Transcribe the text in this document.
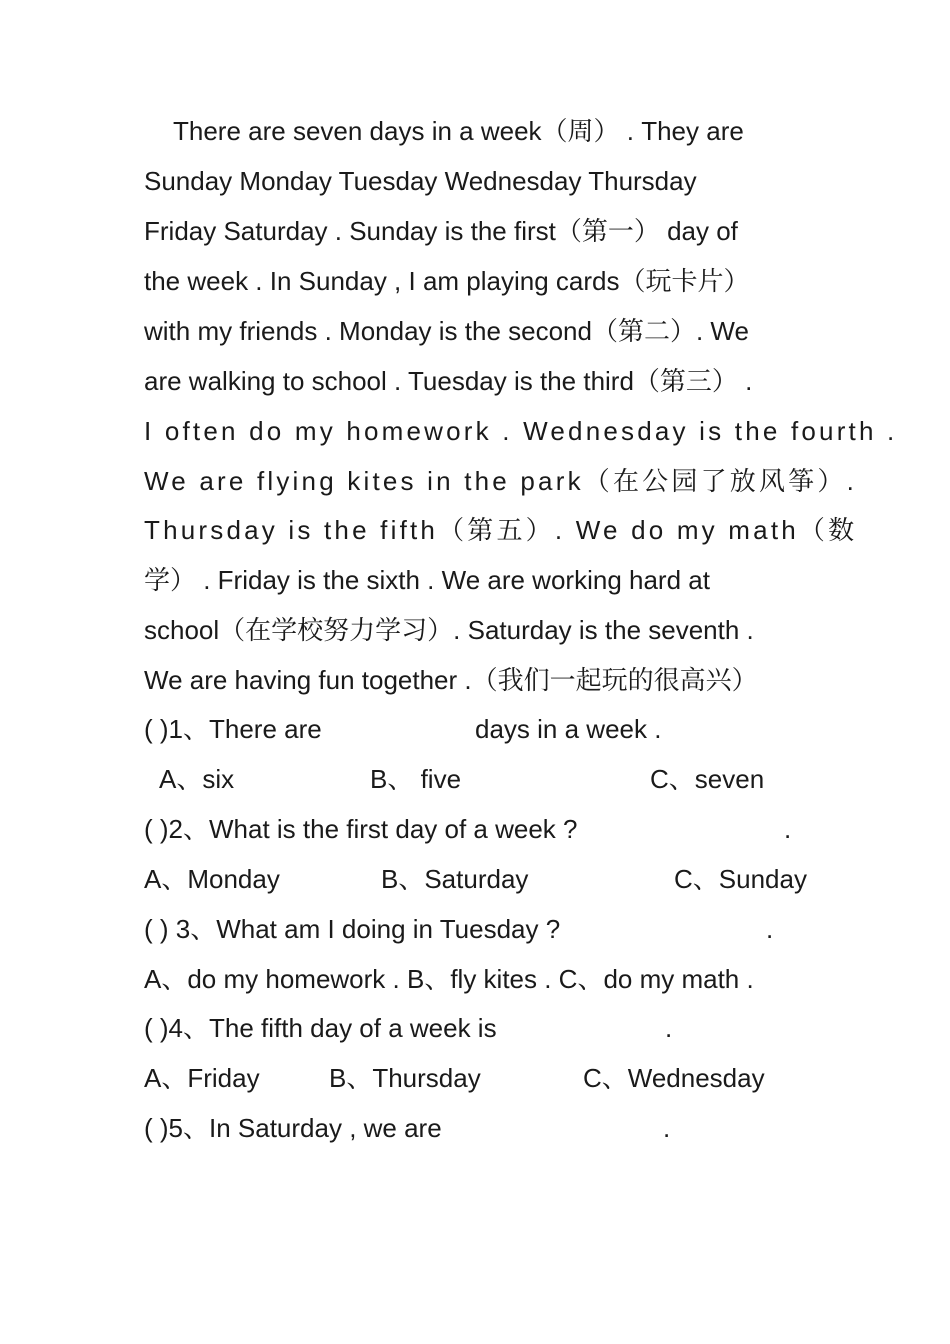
There are seven days in a week（周） . They are
Sunday Monday Tuesday Wednesday Thursday
Friday Saturday . Sunday is the first（第一） day of
the week . In Sunday , I am playing cards（玩卡片）
with my friends . Monday is the second（第二）. We
are walking to school . Tuesday is the third（第三） .
I often do my homework . Wednesday is the fourth .
We are flying kites in the park（在公园了放风筝）.
Thursday is the fifth（第五）. We do my math（数
学） . Friday is the sixth . We are working hard at
school（在学校努力学习）. Saturday is the seventh .
We are having fun together .（我们一起玩的很高兴）
( )1、There are	days in a week .
A、six	B、 five	C、seven
( )2、What is the first day of a week ?	.
A、Monday	B、Saturday	C、Sunday
( ) 3、What am I doing in Tuesday ?	.
A、do my homework . B、fly kites . C、do my math .
( )4、The fifth day of a week is	.
A、Friday	B、Thursday	C、Wednesday
( )5、In Saturday , we are	.
